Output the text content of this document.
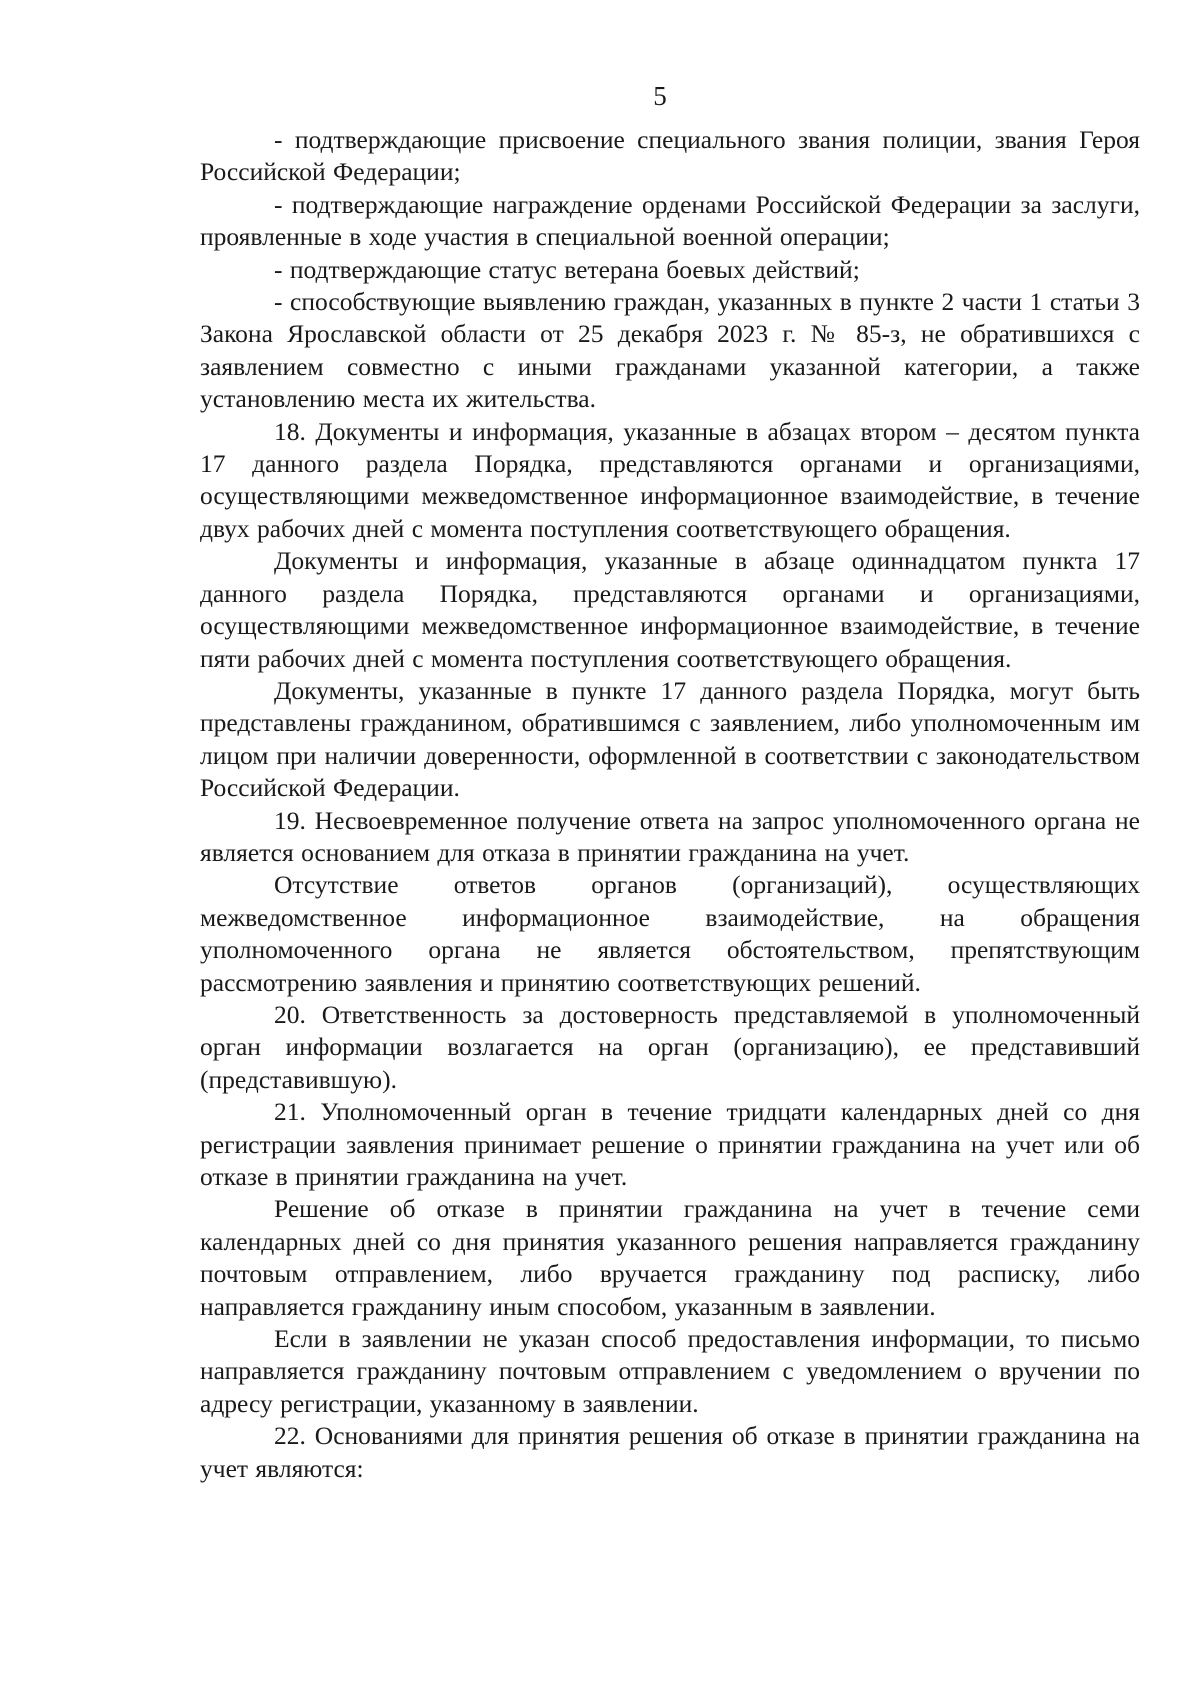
5

- подтверждающие присвоение специального звания полиции, звания Героя Российской Федерации;

- подтверждающие награждение орденами Российской Федерации за заслуги, проявленные в ходе участия в специальной военной операции;

- подтверждающие статус ветерана боевых действий;

- способствующие выявлению граждан, указанных в пункте 2 части 1 статьи 3 Закона Ярославской области от 25 декабря 2023 г. № 85-з, не обратившихся с заявлением совместно с иными гражданами указанной категории, а также установлению места их жительства.

18. Документы и информация, указанные в абзацах втором – десятом пункта 17 данного раздела Порядка, представляются органами и организациями, осуществляющими межведомственное информационное взаимодействие, в течение двух рабочих дней с момента поступления соответствующего обращения.

Документы и информация, указанные в абзаце одиннадцатом пункта 17 данного раздела Порядка, представляются органами и организациями, осуществляющими межведомственное информационное взаимодействие, в течение пяти рабочих дней с момента поступления соответствующего обращения.

Документы, указанные в пункте 17 данного раздела Порядка, могут быть представлены гражданином, обратившимся с заявлением, либо уполномоченным им лицом при наличии доверенности, оформленной в соответствии с законодательством Российской Федерации.

19. Несвоевременное получение ответа на запрос уполномоченного органа не является основанием для отказа в принятии гражданина на учет.

Отсутствие ответов органов (организаций), осуществляющих межведомственное информационное взаимодействие, на обращения уполномоченного органа не является обстоятельством, препятствующим рассмотрению заявления и принятию соответствующих решений.

20. Ответственность за достоверность представляемой в уполномоченный орган информации возлагается на орган (организацию), ее представивший (представившую).

21. Уполномоченный орган в течение тридцати календарных дней со дня регистрации заявления принимает решение о принятии гражданина на учет или об отказе в принятии гражданина на учет.

Решение об отказе в принятии гражданина на учет в течение семи календарных дней со дня принятия указанного решения направляется гражданину почтовым отправлением, либо вручается гражданину под расписку, либо направляется гражданину иным способом, указанным в заявлении.

Если в заявлении не указан способ предоставления информации, то письмо направляется гражданину почтовым отправлением с уведомлением о вручении по адресу регистрации, указанному в заявлении.

22. Основаниями для принятия решения об отказе в принятии гражданина на учет являются:
